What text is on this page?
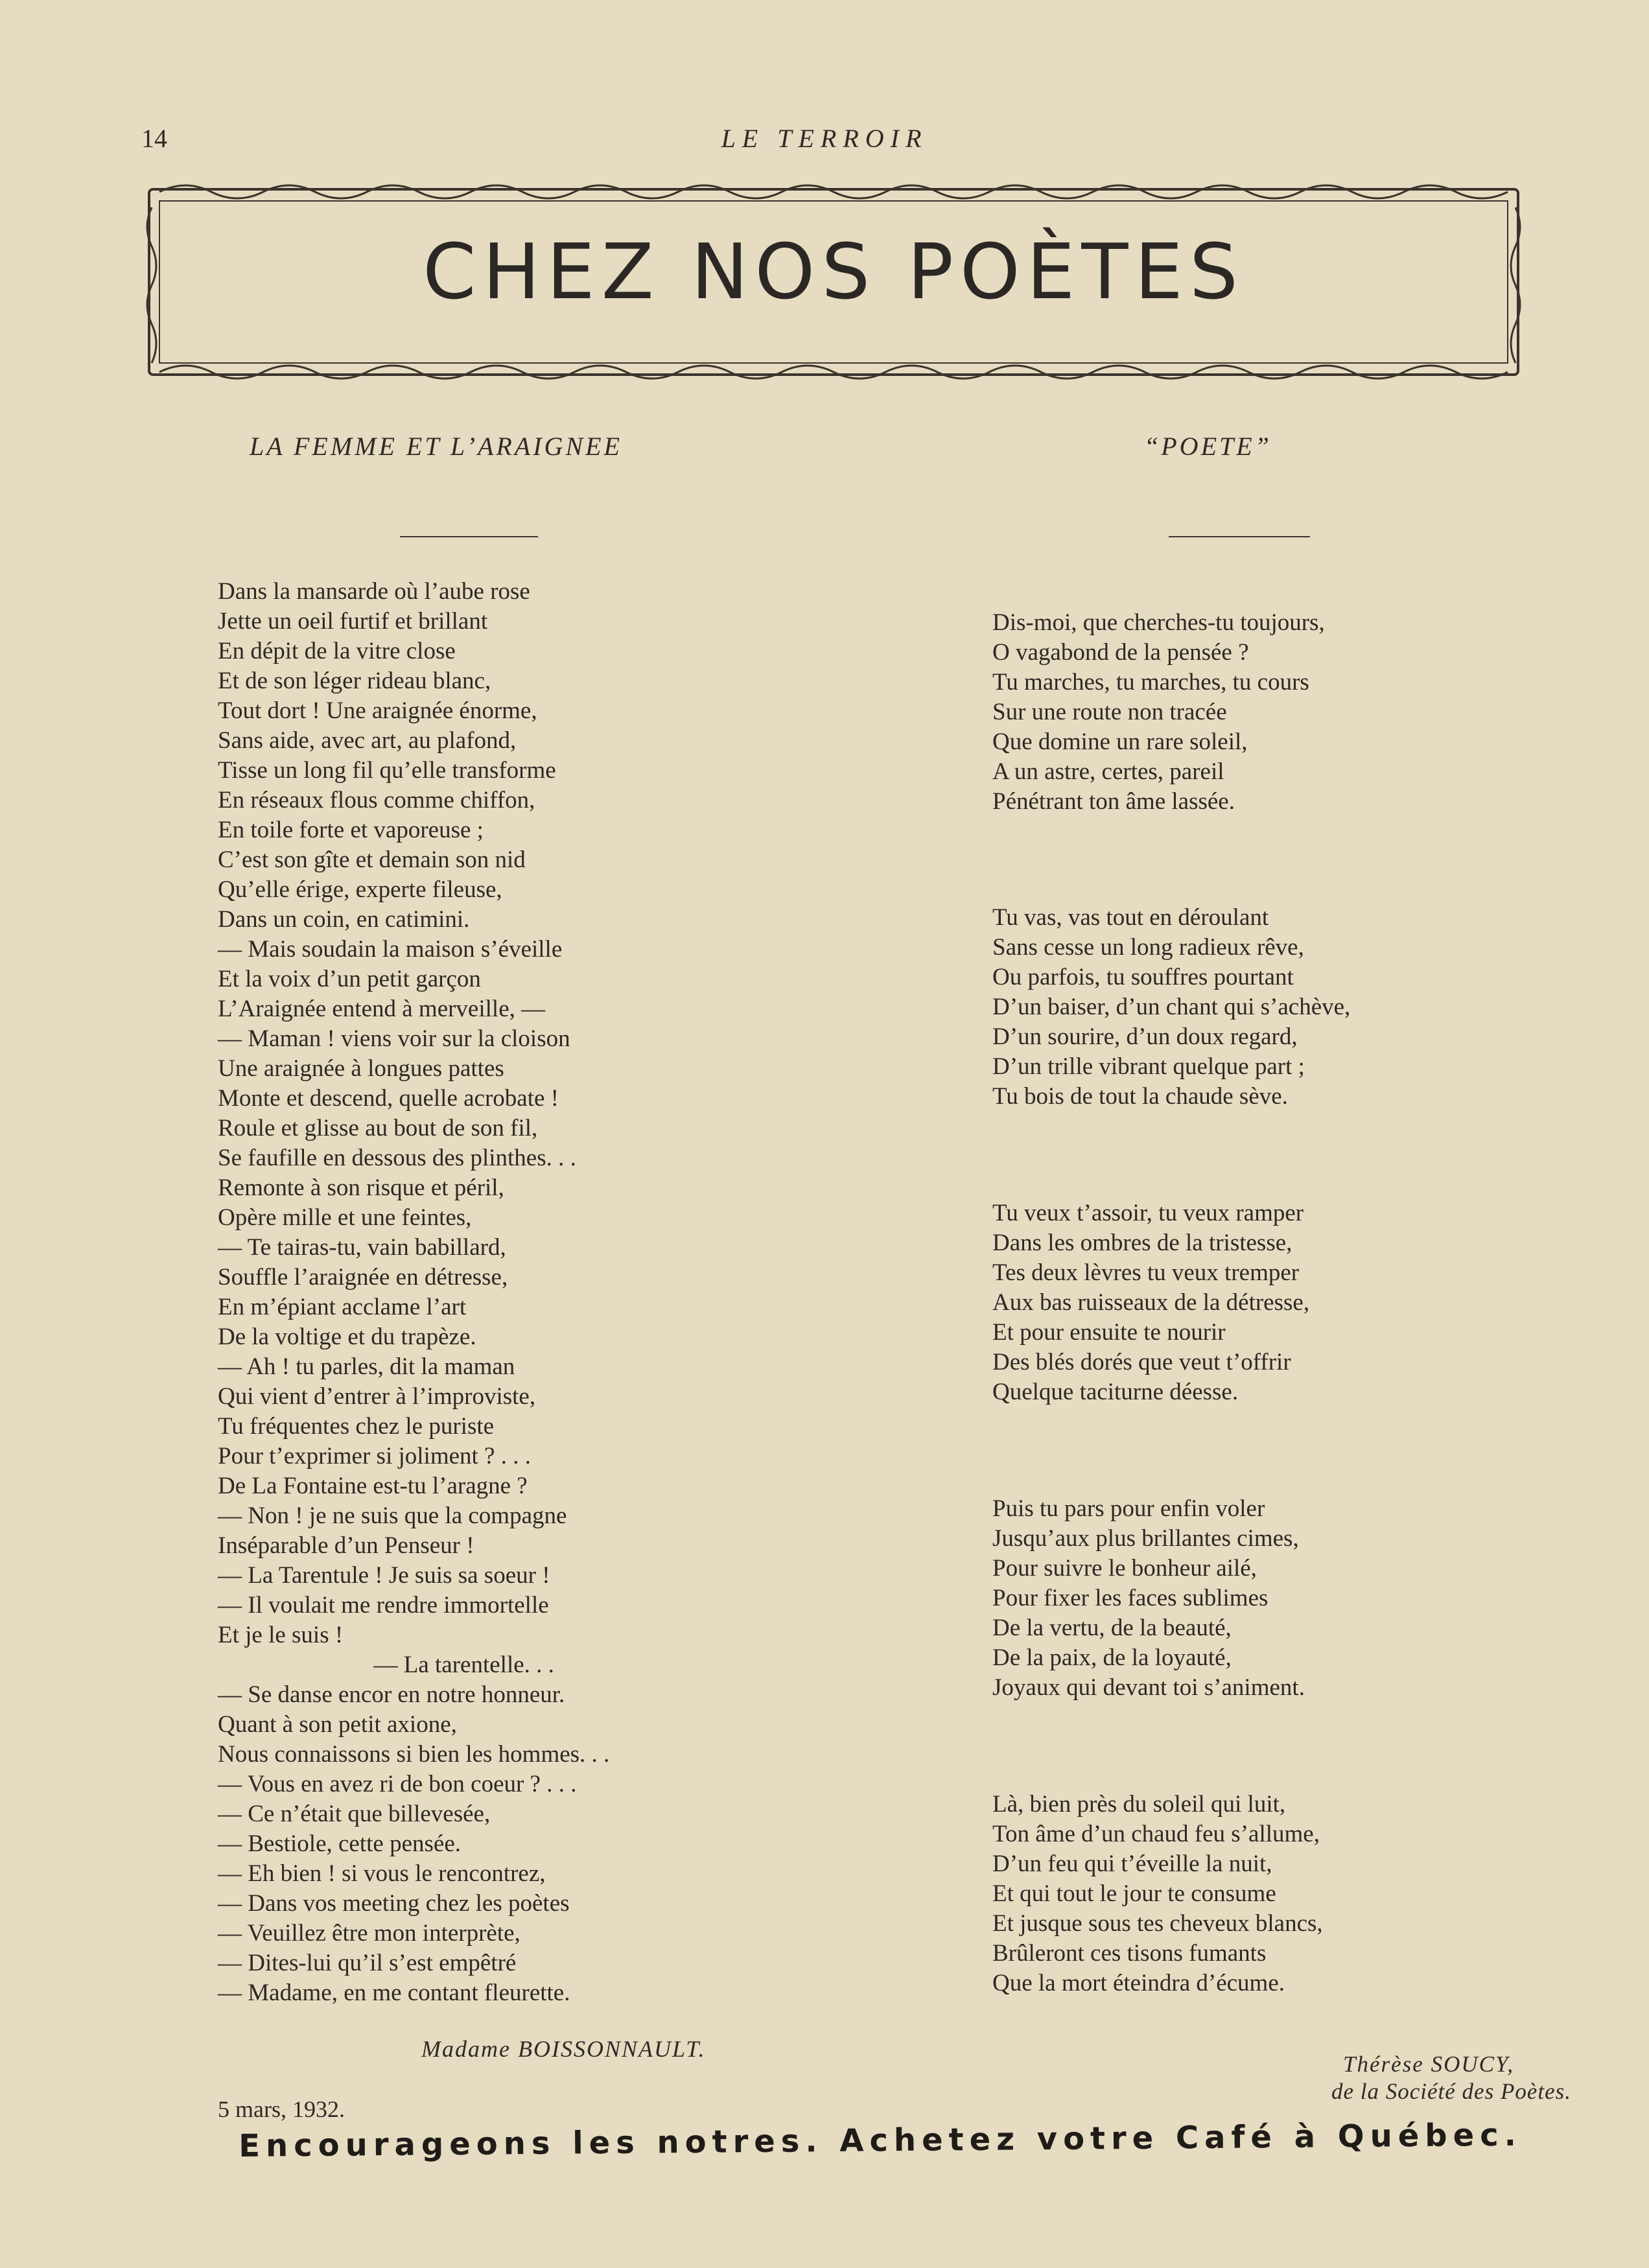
14	LE TERROIR
CHEZ NOS POÈTES
LA FEMME ET L’ARAIGNEE	“POETE”
Dans la mansarde où l’aube rose
Jette un oeil furtif et brillant
En dépit de la vitre close
Et de son léger rideau blanc,
Tout dort ! Une araignée énorme,
Sans aide, avec art, au plafond,
Tisse un long fil qu’elle transforme
En réseaux flous comme chiffon,
En toile forte et vaporeuse ;
C’est son gîte et demain son nid
Qu’elle érige, experte fileuse,
Dans un coin, en catimini.
— Mais soudain la maison s’éveille
Et la voix d’un petit garçon
L’Araignée entend à merveille, —
— Maman ! viens voir sur la cloison
Une araignée à longues pattes
Monte et descend, quelle acrobate !
Roule et glisse au bout de son fil,
Se faufille en dessous des plinthes. . .
Remonte à son risque et péril,
Opère mille et une feintes,
— Te tairas-tu, vain babillard,
Souffle l’araignée en détresse,
En m’épiant acclame l’art
De la voltige et du trapèze.
— Ah ! tu parles, dit la maman
Qui vient d’entrer à l’improviste,
Tu fréquentes chez le puriste
Pour t’exprimer si joliment ? . . .
De La Fontaine est-tu l’aragne ?
— Non ! je ne suis que la compagne
Inséparable d’un Penseur !
— La Tarentule ! Je suis sa soeur !
— Il voulait me rendre immortelle
Et je le suis !
— La tarentelle. . .
— Se danse encor en notre honneur.
Quant à son petit axione,
Nous connaissons si bien les hommes. . .
— Vous en avez ri de bon coeur ? . . .
— Ce n’était que billevesée,
— Bestiole, cette pensée.
— Eh bien ! si vous le rencontrez,
— Dans vos meeting chez les poètes
— Veuillez être mon interprète,
— Dites-lui qu’il s’est empêtré
— Madame, en me contant fleurette.
Dis-moi, que cherches-tu toujours,
O vagabond de la pensée ?
Tu marches, tu marches, tu cours
Sur une route non tracée
Que domine un rare soleil,
A un astre, certes, pareil
Pénétrant ton âme lassée.
Tu vas, vas tout en déroulant
Sans cesse un long radieux rêve,
Ou parfois, tu souffres pourtant
D’un baiser, d’un chant qui s’achève,
D’un sourire, d’un doux regard,
D’un trille vibrant quelque part ;
Tu bois de tout la chaude sève.
Tu veux t’assoir, tu veux ramper
Dans les ombres de la tristesse,
Tes deux lèvres tu veux tremper
Aux bas ruisseaux de la détresse,
Et pour ensuite te nourir
Des blés dorés que veut t’offrir
Quelque taciturne déesse.
Puis tu pars pour enfin voler
Jusqu’aux plus brillantes cimes,
Pour suivre le bonheur ailé,
Pour fixer les faces sublimes
De la vertu, de la beauté,
De la paix, de la loyauté,
Joyaux qui devant toi s’animent.
Là, bien près du soleil qui luit,
Ton âme d’un chaud feu s’allume,
D’un feu qui t’éveille la nuit,
Et qui tout le jour te consume
Et jusque sous tes cheveux blancs,
Brûleront ces tisons fumants
Que la mort éteindra d’écume.
Madame BOISSONNAULT.
5 mars, 1932.
Thérèse SOUCY,
de la Société des Poètes.
Encourageons les notres. Achetez votre Café à Québec.
